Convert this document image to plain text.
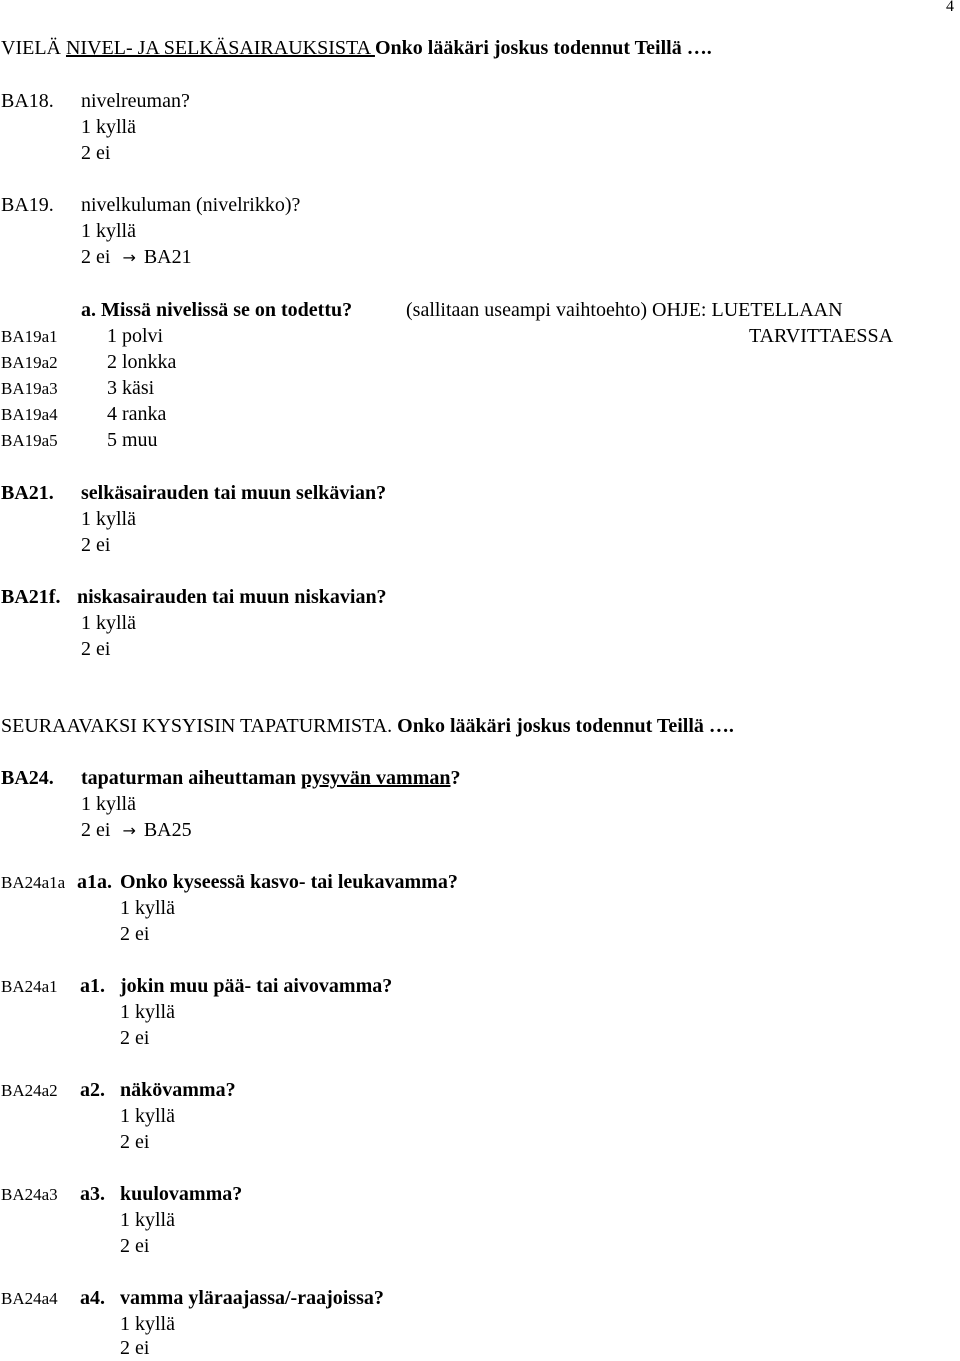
4
VIELÄ NIVEL- JA SELKÄSAIRAUKSISTA Onko lääkäri joskus todennut Teillä ….
BA18. nivelreuman?
1 kyllä
2 ei
BA19. nivelkuluman (nivelrikko)?
1 kyllä
2 ei → BA21
a. Missä nivelissä se on todettu?	(sallitaan useampi vaihtoehto) OHJE: LUETELLAAN
TARVITTAESSA
BA19a1 1 polvi
BA19a2 2 lonkka
BA19a3 3 käsi
BA19a4 4 ranka
BA19a5 5 muu
BA21. selkäsairauden tai muun selkävian?
1 kyllä
2 ei
BA21f. niskasairauden tai muun niskavian?
1 kyllä
2 ei
SEURAAVAKSI KYSYISIN TAPATURMISTA. Onko lääkäri joskus todennut Teillä ….
BA24. tapaturman aiheuttaman pysyvän vamman?
1 kyllä
2 ei → BA25
BA24a1a a1a. Onko kyseessä kasvo- tai leukavamma?
1 kyllä
2 ei
BA24a1 a1. jokin muu pää- tai aivovamma?
1 kyllä
2 ei
BA24a2 a2. näkövamma?
1 kyllä
2 ei
BA24a3 a3. kuulovamma?
1 kyllä
2 ei
BA24a4 a4. vamma yläraajassa/-raajoissa?
1 kyllä
2 ei
